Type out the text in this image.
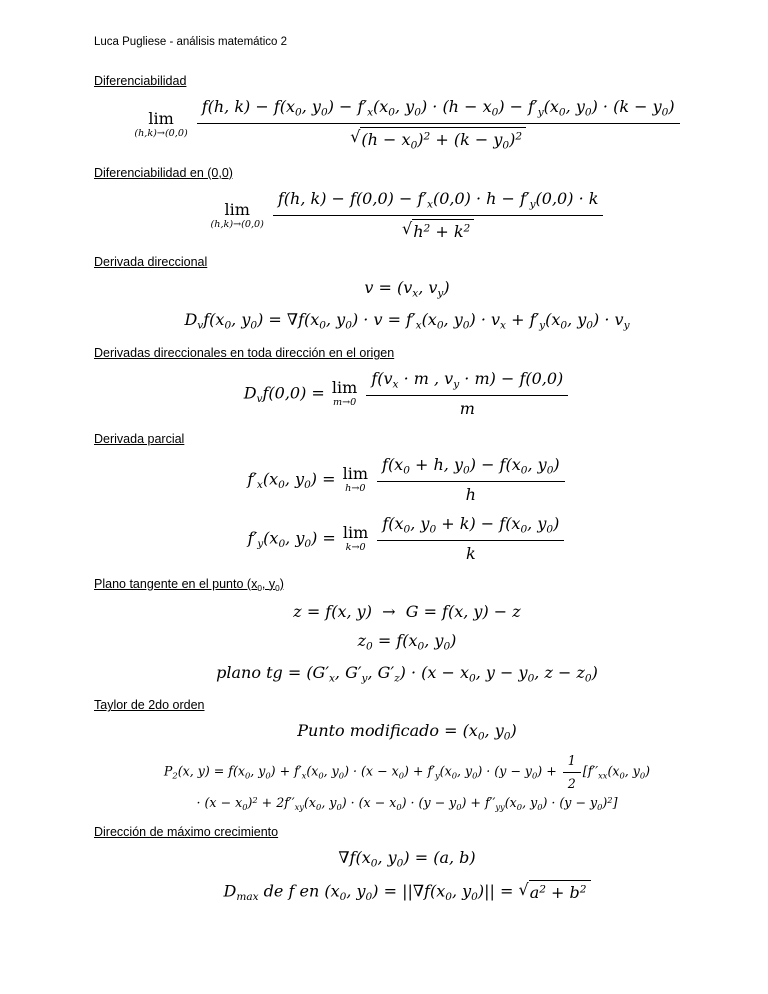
Luca Pugliese - análisis matemático 2
Diferenciabilidad
lim
(h,k)→(0,0)
f(h, $k) - f(x_0$, $y_0) - f'_x(x_0$, $y_0) \cdot (h - x_0) - f'_y(x_0$, $y_0) \cdot (k - y_0)$
√ $(h - x_0)^2 + (k - y_0)^2$
Diferenciabilidad en (0,0)
lim
$(h,k)\to(0,0) \frac{f(h, k) - f(0,0) - f'_x(0,0) \cdot h - f'_y(0,0) \cdot k}{√ h^2 + k^2}$
Derivada direccional
$v = (v_x$, $v_y$)
$D_vf(x_0$, $y_0) = \nabla f(x_0$, $y_0) \cdot v = f'_x(x_0$, $y_0) \cdot v_x + f'_y(x_0$, $y_0) \cdot v_y$
Derivadas direccionales en toda dirección en el origen
$D_vf(0,0) = \lim$
$m\to 0 \frac{f(v_x \cdot m , v_y \cdot m) - f(0,0)}{m}$
Derivada parcial
$f'_x(x_0$, $y_0) = \lim$
$h\to 0 \frac{f(x_0 + h, y_0) - f(x_0, y_0)}{h}$
$f'_y(x_0$, $y_0) = \lim$
$k\to 0 \frac{f(x_0, y_0 + k) - f(x_0, y_0)}{k}$
Plano tangente en el punto ($x_0$, $y_0$)
z = f(x, y)  →  G = f(x, y) − z
$z_0 = f(x_0$, $y_0$)
plano tg = ($G'_x$, $G'_y$, $G'_z) \cdot (x - x_0$, $y - y_0$, $z - z_0$)
Taylor de 2do orden
Punto modificado = ($x_0$, $y_0$)
$P_2(x$, $y) = f(x_0$, $y_0) + f'_x(x_0$, $y_0) \cdot (x - x_0) + f'_y(x_0$, $y_0) \cdot (y - y_0) + \frac{1}{2} [f''_{xx}(x_0$, $y_0$)
· $(x - x_0)^2 + 2f''_{xy}(x_0$, $y_0) \cdot (x - x_0) \cdot (y - y_0) + f''_{yy}(x_0$, $y_0) \cdot (y - y_0)^2$]
Dirección de máximo crecimiento
$\nabla f(x_0$, $y_0) = (a$, b)
$D_{max}$ de f en ($x_0$, $y_0) = ||\nabla f(x_0$, $y_0)||$ = √ $a^2 + b^2$
